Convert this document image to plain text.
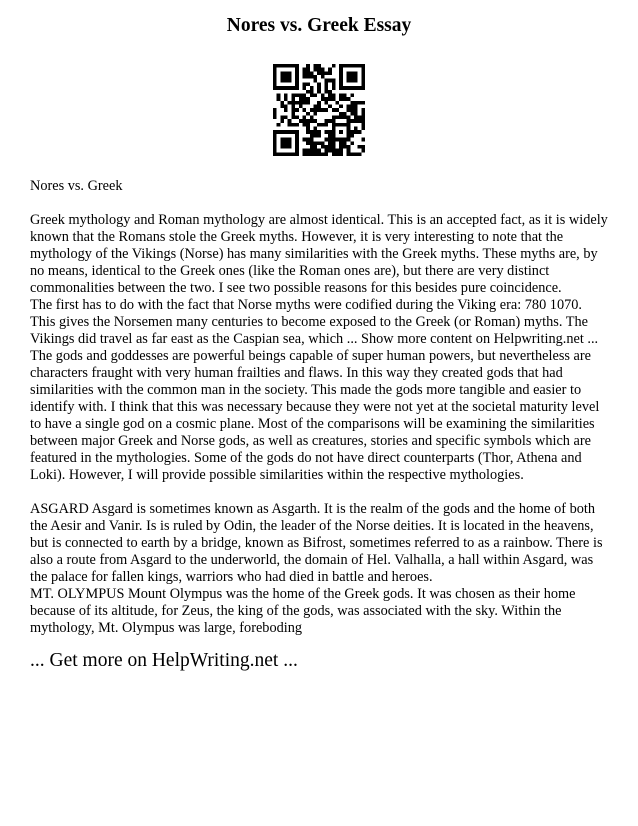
Nores vs. Greek Essay
Nores vs. Greek

Greek mythology and Roman mythology are almost identical. This is an accepted fact, as it is widely known that the Romans stole the Greek myths. However, it is very interesting to note that the mythology of the Vikings (Norse) has many similarities with the Greek myths. These myths are, by no means, identical to the Greek ones (like the Roman ones are), but there are very distinct commonalities between the two. I see two possible reasons for this besides pure coincidence.

The first has to do with the fact that Norse myths were codified during the Viking era: 780 1070. This gives the Norsemen many centuries to become exposed to the Greek (or Roman) myths. The Vikings did travel as far east as the Caspian sea, which ... Show more content on Helpwriting.net ...

The gods and goddesses are powerful beings capable of super human powers, but nevertheless are characters fraught with very human frailties and flaws. In this way they created gods that had similarities with the common man in the society. This made the gods more tangible and easier to identify with. I think that this was necessary because they were not yet at the societal maturity level to have a single god on a cosmic plane. Most of the comparisons will be examining the similarities between major Greek and Norse gods, as well as creatures, stories and specific symbols which are featured in the mythologies. Some of the gods do not have direct counterparts (Thor, Athena and Loki). However, I will provide possible similarities within the respective mythologies.

ASGARD Asgard is sometimes known as Asgarth. It is the realm of the gods and the home of both the Aesir and Vanir. Is is ruled by Odin, the leader of the Norse deities. It is located in the heavens, but is connected to earth by a bridge, known as Bifrost, sometimes referred to as a rainbow. There is also a route from Asgard to the underworld, the domain of Hel. Valhalla, a hall within Asgard, was the palace for fallen kings, warriors who had died in battle and heroes.

MT. OLYMPUS Mount Olympus was the home of the Greek gods. It was chosen as their home because of its altitude, for Zeus, the king of the gods, was associated with the sky. Within the mythology, Mt. Olympus was large, foreboding

... Get more on HelpWriting.net ...
